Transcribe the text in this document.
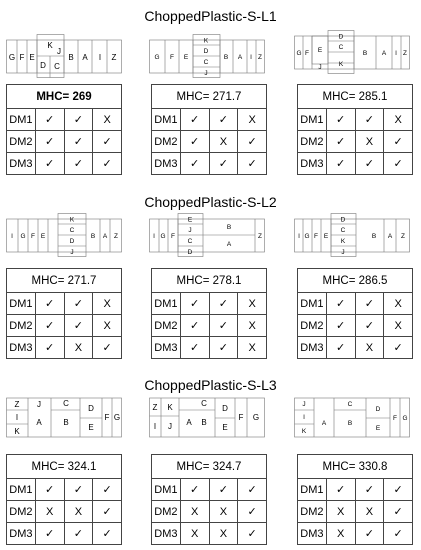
ChoppedPlastic-S-L1
G F E
K
D
J
C
B A I Z	G F E
K
D
C
J
B A I Z
G F E
D
C
J	K
B A I Z
MHC= 269			
DM1	✓	✓	X
DM2	✓	✓	✓
DM3	✓	✓	✓
MHC= 271.7			
DM1	✓	✓	X
DM2	✓	X	✓
DM3	✓	✓	✓
MHC= 285.1			
DM1	✓	✓	X
DM2	✓	X	✓
DM3	✓	✓	✓
ChoppedPlastic-S-L2
I G F E
K
C
D
J
B A Z	I G F
E
J
C
D
B
A
Z	I G F E
D
C
K
J
B A Z
MHC= 271.7			
DM1	✓	✓	X
DM2	✓	✓	X
DM3	✓	X	✓
MHC= 278.1			
DM1	✓	✓	X
DM2	✓	✓	X
DM3	✓	✓	X
MHC= 286.5			
DM1	✓	✓	X
DM2	✓	✓	X
DM3	✓	X	✓
ChoppedPlastic-S-L3
Z J
I
K
A
C
B
D
E
F G
Z K
I J A
C
B
D
E
F G
J
I
K
A
C
B
D
E
F G
MHC= 324.1			
DM1	✓	✓	✓
DM2	X	X	✓
DM3	✓	✓	✓
MHC= 324.7			
DM1	✓	✓	✓
DM2	X	X	✓
DM3	X	X	✓
MHC= 330.8			
DM1	✓	✓	✓
DM2	X	X	✓
DM3	X	✓	✓
